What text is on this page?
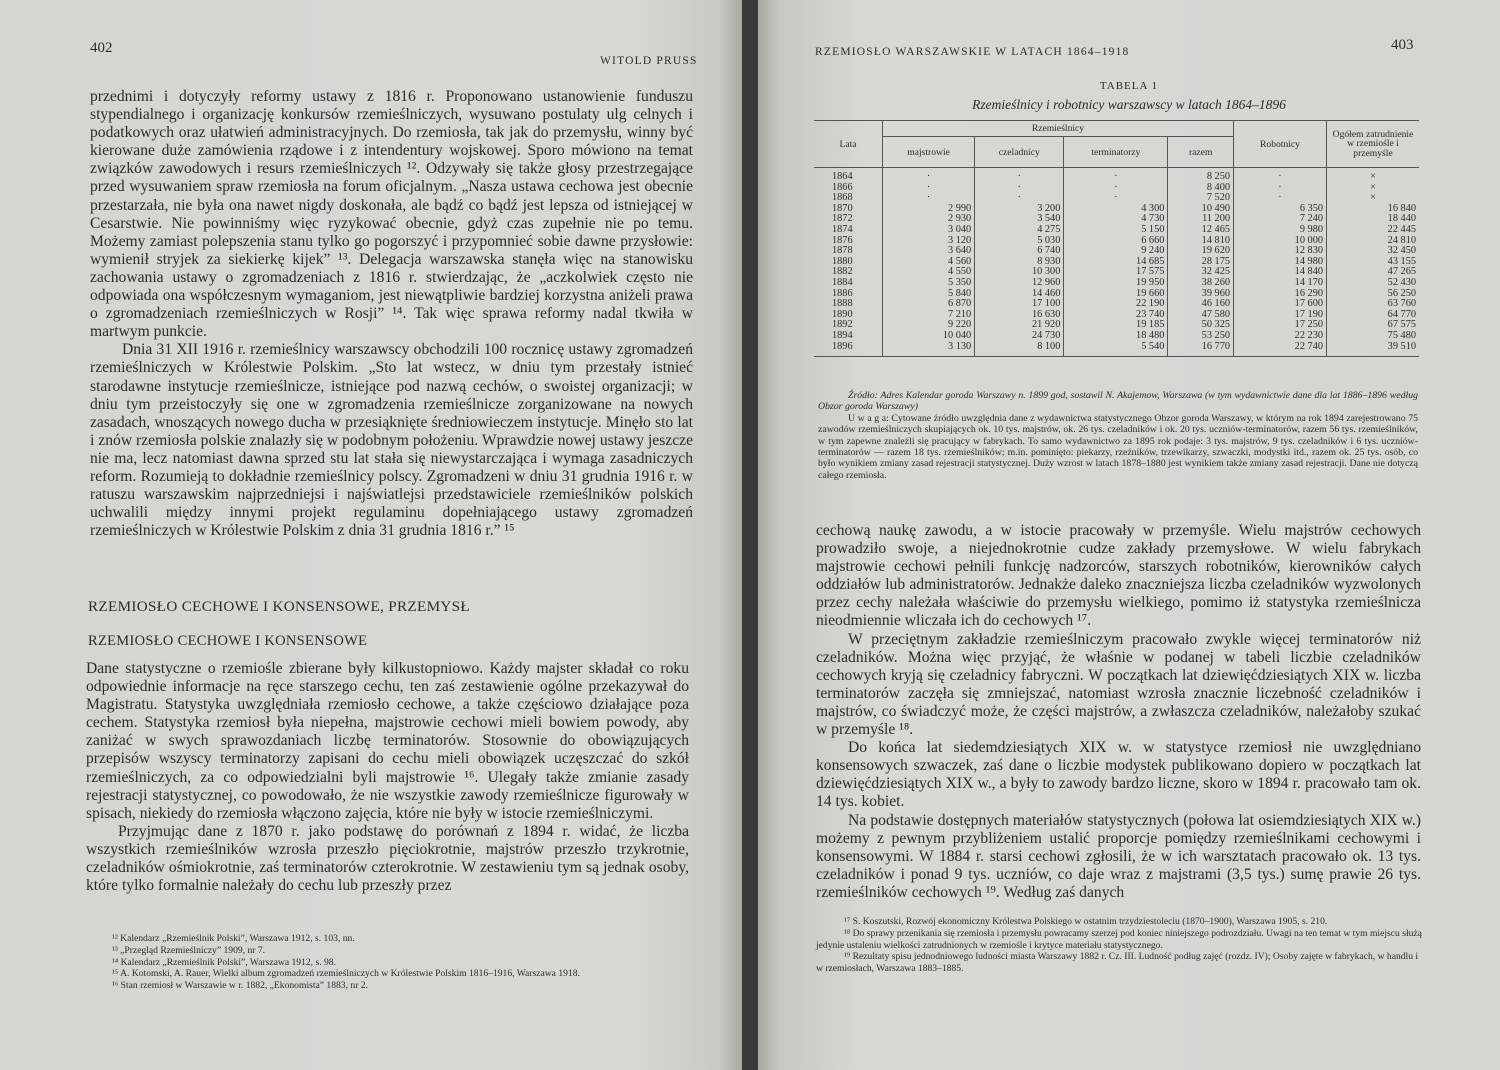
402
WITOLD PRUSS

przednimi i dotyczyły reformy ustawy z 1816 r. Proponowano ustanowienie funduszu stypendialnego i organizację konkursów rzemieślniczych, wysuwano postulaty ulg celnych i podatkowych oraz ułatwień administracyjnych. Do rzemiosła, tak jak do przemysłu, winny być kierowane duże zamówienia rządowe i z intendentury wojskowej. Sporo mówiono na temat związków zawodowych i resurs rzemieślniczych ¹². Odzywały się także głosy przestrzegające przed wysuwaniem spraw rzemiosła na forum oficjalnym. „Nasza ustawa cechowa jest obecnie przestarzała, nie była ona nawet nigdy doskonała, ale bądź co bądź jest lepsza od istniejącej w Cesarstwie. Nie powinniśmy więc ryzykować obecnie, gdyż czas zupełnie nie po temu. Możemy zamiast polepszenia stanu tylko go pogorszyć i przypomnieć sobie dawne przysłowie: wymienił stryjek za siekierkę kijek” ¹³. Delegacja warszawska stanęła więc na stanowisku zachowania ustawy o zgromadzeniach z 1816 r. stwierdzając, że „aczkolwiek często nie odpowiada ona współczesnym wymaganiom, jest niewątpliwie bardziej korzystna aniżeli prawa o zgromadzeniach rzemieślniczych w Rosji” ¹⁴. Tak więc sprawa reformy nadal tkwiła w martwym punkcie.

Dnia 31 XII 1916 r. rzemieślnicy warszawscy obchodzili 100 rocznicę ustawy zgromadzeń rzemieślniczych w Królestwie Polskim. „Sto lat wstecz, w dniu tym przestały istnieć starodawne instytucje rzemieślnicze, istniejące pod nazwą cechów, o swoistej organizacji; w dniu tym przeistoczyły się one w zgromadzenia rzemieślnicze zorganizowane na nowych zasadach, wnoszących nowego ducha w przesiąknięte średniowieczem instytucje. Minęło sto lat i znów rzemiosła polskie znalazły się w podobnym położeniu. Wprawdzie nowej ustawy jeszcze nie ma, lecz natomiast dawna sprzed stu lat stała się niewystarczająca i wymaga zasadniczych reform. Rozumieją to dokładnie rzemieślnicy polscy. Zgromadzeni w dniu 31 grudnia 1916 r. w ratuszu warszawskim najprzedniejsi i najświatlejsi przedstawiciele rzemieślników polskich uchwalili między innymi projekt regulaminu dopełniającego ustawy zgromadzeń rzemieślniczych w Królestwie Polskim z dnia 31 grudnia 1816 r.” ¹⁵

RZEMIOSŁO CECHOWE I KONSENSOWE, PRZEMYSŁ
RZEMIOSŁO CECHOWE I KONSENSOWE

Dane statystyczne o rzemiośle zbierane były kilkustopniowo. Każdy majster składał co roku odpowiednie informacje na ręce starszego cechu, ten zaś zestawienie ogólne przekazywał do Magistratu. Statystyka uwzględniała rzemiosło cechowe, a także częściowo działające poza cechem. Statystyka rzemiosł była niepełna, majstrowie cechowi mieli bowiem powody, aby zaniżać w swych sprawozdaniach liczbę terminatorów. Stosownie do obowiązujących przepisów wszyscy terminatorzy zapisani do cechu mieli obowiązek uczęszczać do szkół rzemieślniczych, za co odpowiedzialni byli majstrowie ¹⁶. Ulegały także zmianie zasady rejestracji statystycznej, co powodowało, że nie wszystkie zawody rzemieślnicze figurowały w spisach, niekiedy do rzemiosła włączono zajęcia, które nie były w istocie rzemieślniczymi.

Przyjmując dane z 1870 r. jako podstawę do porównań z 1894 r. widać, że liczba wszystkich rzemieślników wzrosła przeszło pięciokrotnie, majstrów przeszło trzykrotnie, czeladników ośmiokrotnie, zaś terminatorów czterokrotnie. W zestawieniu tym są jednak osoby, które tylko formalnie należały do cechu lub przeszły przez

¹² Kalendarz „Rzemieślnik Polski”, Warszawa 1912, s. 103, nn.
¹³ „Przegląd Rzemieślniczy” 1909, nr 7.
¹⁴ Kalendarz „Rzemieślnik Polski”, Warszawa 1912, s. 98.
¹⁵ A. Kotomski, A. Rauer, Wielki album zgromadzeń rzemieślniczych w Królestwie Polskim 1816–1916, Warszawa 1918.
¹⁶ Stan rzemiosł w Warszawie w r. 1882, „Ekonomista” 1883, nr 2.
RZEMIOSŁO WARSZAWSKIE W LATACH 1864–1918	403
TABELA 1
Rzemieślnicy i robotnicy warszawscy w latach 1864–1896
Lata	Rzemieślnicy				Robotnicy	Ogółem zatrudnienie w rzemiośle i przemyśle
	majstrowie	czeladnicy	terminatorzy	razem		
1864	·	·	·	8 250	·	×
1866	·	·	·	8 400	·	×
1868	·	·	·	7 520	·	×
1870	2 990	3 200	4 300	10 490	6 350	16 840
1872	2 930	3 540	4 730	11 200	7 240	18 440
1874	3 040	4 275	5 150	12 465	9 980	22 445
1876	3 120	5 030	6 660	14 810	10 000	24 810
1878	3 640	6 740	9 240	19 620	12 830	32 450
1880	4 560	8 930	14 685	28 175	14 980	43 155
1882	4 550	10 300	17 575	32 425	14 840	47 265
1884	5 350	12 960	19 950	38 260	14 170	52 430
1886	5 840	14 460	19 660	39 960	16 290	56 250
1888	6 870	17 100	22 190	46 160	17 600	63 760
1890	7 210	16 630	23 740	47 580	17 190	64 770
1892	9 220	21 920	19 185	50 325	17 250	67 575
1894	10 040	24 730	18 480	53 250	22 230	75 480
1896	3 130	8 100	5 540	16 770	22 740	39 510
Źródło: Adres Kalendar goroda Warszawy n. 1899 god, sostawil N. Akajemow, Warszawa (w tym wydawnictwie dane dla lat 1886–1896 według Obzor goroda Warszawy)
U w a g a: Cytowane źródło uwzględnia dane z wydawnictwa statystycznego Obzor goroda Warszawy, w którym na rok 1894 zarejestrowano 75 zawodów rzemieślniczych skupiających ok. 10 tys. majstrów, ok. 26 tys. czeladników i ok. 20 tys. uczniów-terminatorów, razem 56 tys. rzemieślników, w tym zapewne znaleźli się pracujący w fabrykach. To samo wydawnictwo za 1895 rok podaje: 3 tys. majstrów, 9 tys. czeladników i 6 tys. uczniów-terminatorów — razem 18 tys. rzemieślników; m.in. pominięto: piekarzy, rzeźników, trzewikarzy, szwaczki, modystki itd., razem ok. 25 tys. osób, co było wynikiem zmiany zasad rejestracji statystycznej. Duży wzrost w latach 1878–1880 jest wynikiem także zmiany zasad rejestracji. Dane nie dotyczą całego rzemiosła.

cechową naukę zawodu, a w istocie pracowały w przemyśle. Wielu majstrów cechowych prowadziło swoje, a niejednokrotnie cudze zakłady przemysłowe. W wielu fabrykach majstrowie cechowi pełnili funkcję nadzorców, starszych robotników, kierowników całych oddziałów lub administratorów. Jednakże daleko znaczniejsza liczba czeladników wyzwolonych przez cechy należała właściwie do przemysłu wielkiego, pomimo iż statystyka rzemieślnicza nieodmiennie wliczała ich do cechowych ¹⁷.

W przeciętnym zakładzie rzemieślniczym pracowało zwykle więcej terminatorów niż czeladników. Można więc przyjąć, że właśnie w podanej w tabeli liczbie czeladników cechowych kryją się czeladnicy fabryczni. W początkach lat dziewięćdziesiątych XIX w. liczba terminatorów zaczęła się zmniejszać, natomiast wzrosła znacznie liczebność czeladników i majstrów, co świadczyć może, że części majstrów, a zwłaszcza czeladników, należałoby szukać w przemyśle ¹⁸.

Do końca lat siedemdziesiątych XIX w. w statystyce rzemiosł nie uwzględniano konsensowych szwaczek, zaś dane o liczbie modystek publikowano dopiero w początkach lat dziewięćdziesiątych XIX w., a były to zawody bardzo liczne, skoro w 1894 r. pracowało tam ok. 14 tys. kobiet.

Na podstawie dostępnych materiałów statystycznych (połowa lat osiemdziesiątych XIX w.) możemy z pewnym przybliżeniem ustalić proporcje pomiędzy rzemieślnikami cechowymi i konsensowymi. W 1884 r. starsi cechowi zgłosili, że w ich warsztatach pracowało ok. 13 tys. czeladników i ponad 9 tys. uczniów, co daje wraz z majstrami (3,5 tys.) sumę prawie 26 tys. rzemieślników cechowych ¹⁹. Według zaś danych

¹⁷ S. Koszutski, Rozwój ekonomiczny Królestwa Polskiego w ostatnim trzydziestoleciu (1870–1900), Warszawa 1905, s. 210.
¹⁸ Do sprawy przenikania się rzemiosła i przemysłu powracamy szerzej pod koniec niniejszego podrozdziału. Uwagi na ten temat w tym miejscu służą jedynie ustaleniu wielkości zatrudnionych w rzemiośle i krytyce materiału statystycznego.
¹⁹ Rezultaty spisu jednodniowego ludności miasta Warszawy 1882 r. Cz. III. Ludność podług zajęć (rozdz. IV); Osoby zajęte w fabrykach, w handlu i w rzemiosłach, Warszawa 1883–1885.
